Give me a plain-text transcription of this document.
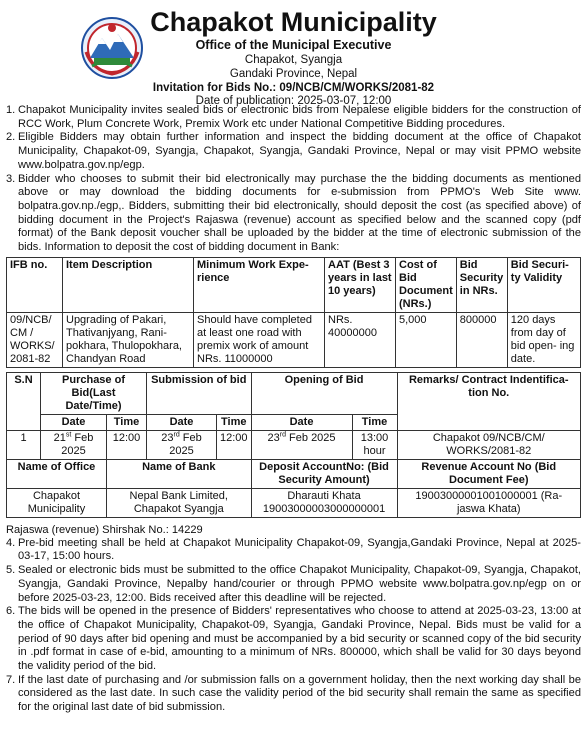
Chapakot Municipality
Office of the Municipal Executive
Chapakot, Syangja
Gandaki Province, Nepal
Invitation for Bids No.: 09/NCB/CM/WORKS/2081-82
Date of publication: 2025-03-07, 12:00
1. Chapakot Municipality invites sealed bids or electronic bids from Nepalese eligible bidders for the construction of RCC Work, Plum Concrete Work, Premix Work etc under National Competitive Bidding procedures.
2. Eligible Bidders may obtain further information and inspect the bidding document at the office of Chapakot Municipality, Chapakot-09, Syangja, Chapakot, Syangja, Gandaki Province, Nepal or may visit PPMO website www.bolpatra.gov.np/egp.
3. Bidder who chooses to submit their bid electronically may purchase the the bidding documents as mentioned above or may download the bidding documents for e-submission from PPMO's Web Site www. bolpatra.gov.np./egp,. Bidders, submitting their bid electronically, should deposit the cost (as specified above) of bidding document in the Project's Rajaswa (revenue) account as specified below and the scanned copy (pdf format) of the Bank deposit voucher shall be uploaded by the bidder at the time of electronic submission of the bids. Information to deposit the cost of bidding document in Bank:
IFB no.	Item Description	Minimum Work Expe- rience	AAT (Best 3 years in last 10 years)	Cost of Bid Document (NRs.)	Bid Security in NRs.	Bid Securi- ty Validity
09/NCB/ CM / WORKS/ 2081-82	Upgrading of Pakari, Thativanjyang, Rani- pokhara, Thulopokhara, Chandyan Road	Should have completed at least one road with premix work of amount NRs. 11000000	NRs. 40000000	5,000	800000	120 days from day of bid open- ing date.
S.N	Purchase of Bid(Last Date/Time)		Submission of bid		Opening of Bid		Remarks/ Contract Indentifica- tion No.
	Date	Time	Date	Time	Date	Time	
1	21st Feb 2025	12:00	23rd Feb 2025	12:00	23rd Feb 2025	13:00 hour	Chapakot 09/NCB/CM/ WORKS/2081-82
Name of Office		Name of Bank			Deposit AccountNo: (Bid Security Amount)		Revenue Account No (Bid Document Fee)
Chapakot Municipality		Nepal Bank Limited, Chapakot Syangja			Dharauti Khata 19003000003000000001		19003000001001000001 (Ra- jaswa Khata)
Rajaswa (revenue) Shirshak No.: 14229
4. Pre-bid meeting shall be held at Chapakot Municipality Chapakot-09, Syangja,Gandaki Province, Nepal at 2025-03-17, 15:00 hours.
5. Sealed or electronic bids must be submitted to the office Chapakot Municipality, Chapakot-09, Syangja, Chapakot, Syangja, Gandaki Province, Nepalby hand/courier or through PPMO website www.bolpatra.gov.np/egp on or before 2025-03-23, 12:00. Bids received after this deadline will be rejected.
6. The bids will be opened in the presence of Bidders' representatives who choose to attend at 2025-03-23, 13:00 at the office of Chapakot Municipality, Chapakot-09, Syangja, Gandaki Province, Nepal. Bids must be valid for a period of 90 days after bid opening and must be accompanied by a bid security or scanned copy of the bid security in .pdf format in case of e-bid, amounting to a minimum of NRs. 800000, which shall be valid for 30 days beyond the validity period of the bid.
7. If the last date of purchasing and /or submission falls on a government holiday, then the next working day shall be considered as the last date. In such case the validity period of the bid security shall remain the same as specified for the original last date of bid submission.
